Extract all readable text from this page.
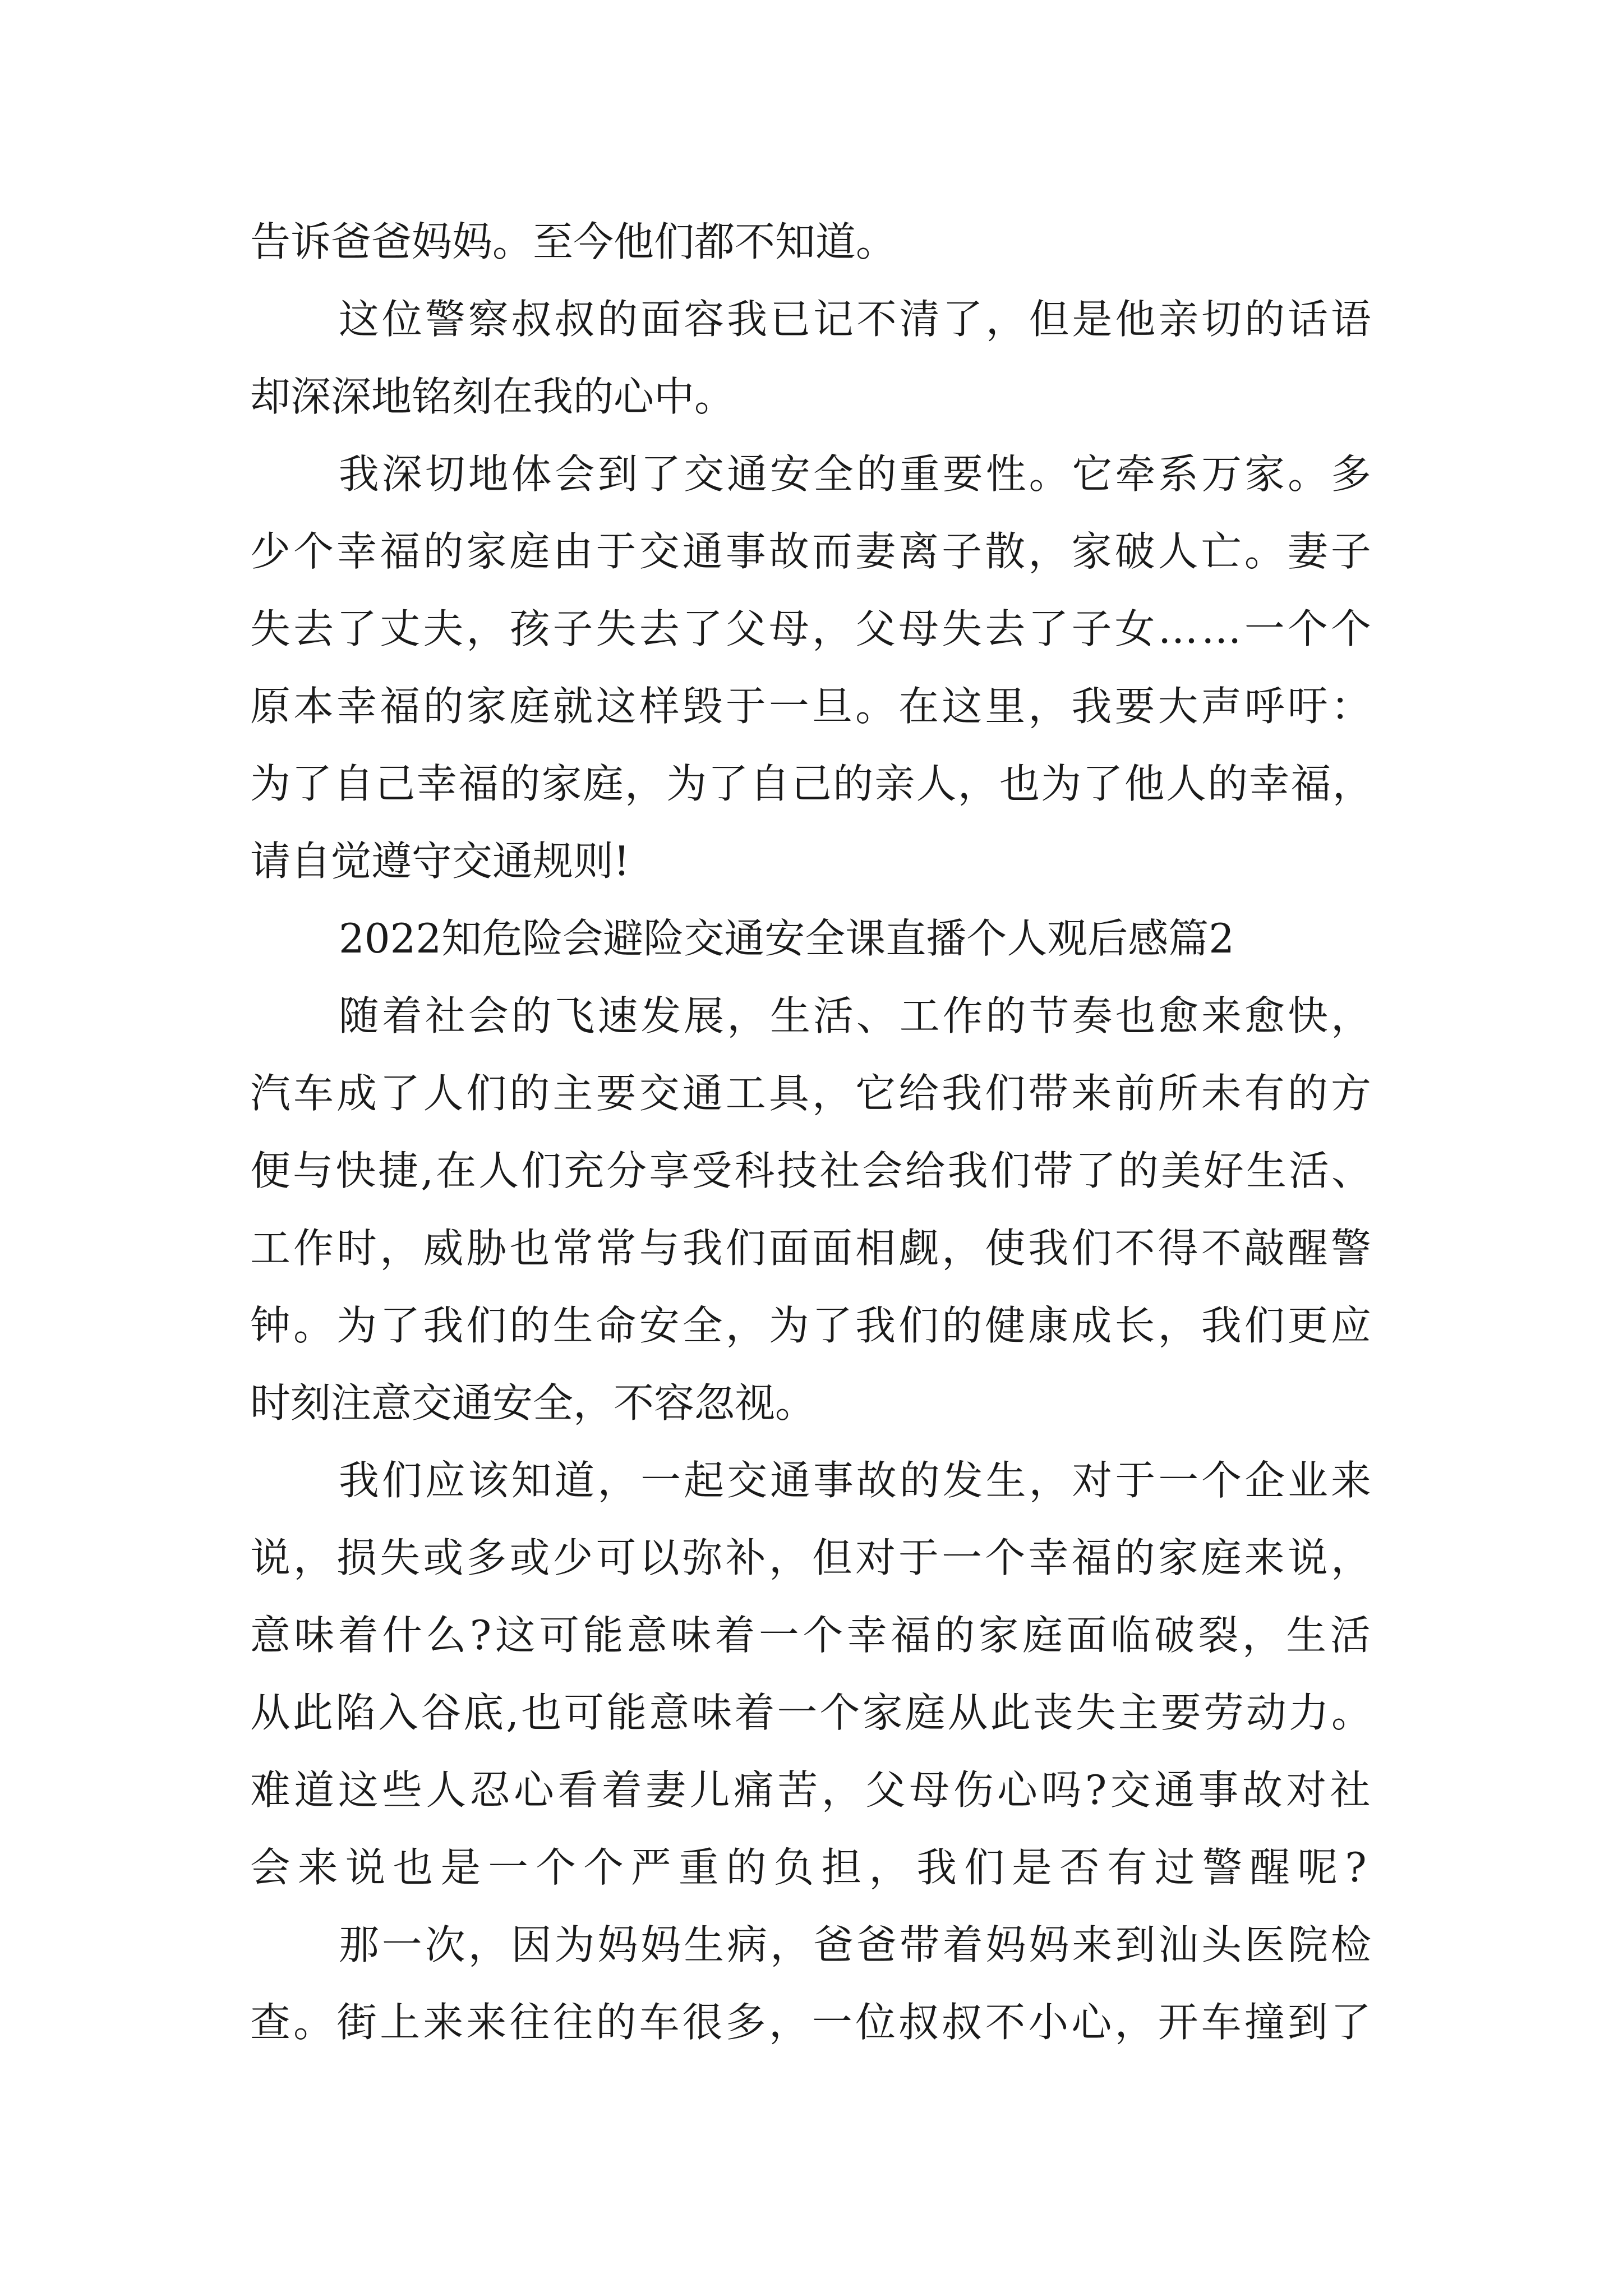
告诉爸爸妈妈。至今他们都不知道。
这位警察叔叔的面容我已记不清了，但是他亲切的话语
却深深地铭刻在我的心中。
我深切地体会到了交通安全的重要性。它牵系万家。多
少个幸福的家庭由于交通事故而妻离子散，家破人亡。妻子
失去了丈夫，孩子失去了父母，父母失去了子女……一个个
原本幸福的家庭就这样毁于一旦。在这里，我要大声呼吁：
为了自己幸福的家庭，为了自己的亲人，也为了他人的幸福，
请自觉遵守交通规则!
2022知危险会避险交通安全课直播个人观后感篇2
随着社会的飞速发展，生活、工作的节奏也愈来愈快，
汽车成了人们的主要交通工具，它给我们带来前所未有的方
便与快捷,在人们充分享受科技社会给我们带了的美好生活、
工作时，威胁也常常与我们面面相觑，使我们不得不敲醒警
钟。为了我们的生命安全，为了我们的健康成长，我们更应
时刻注意交通安全，不容忽视。
我们应该知道，一起交通事故的发生，对于一个企业来
说，损失或多或少可以弥补，但对于一个幸福的家庭来说，
意味着什么?这可能意味着一个幸福的家庭面临破裂，生活
从此陷入谷底,也可能意味着一个家庭从此丧失主要劳动力。
难道这些人忍心看着妻儿痛苦，父母伤心吗?交通事故对社
会来说也是一个个严重的负担，我们是否有过警醒呢?
那一次，因为妈妈生病，爸爸带着妈妈来到汕头医院检
查。街上来来往往的车很多，一位叔叔不小心，开车撞到了
